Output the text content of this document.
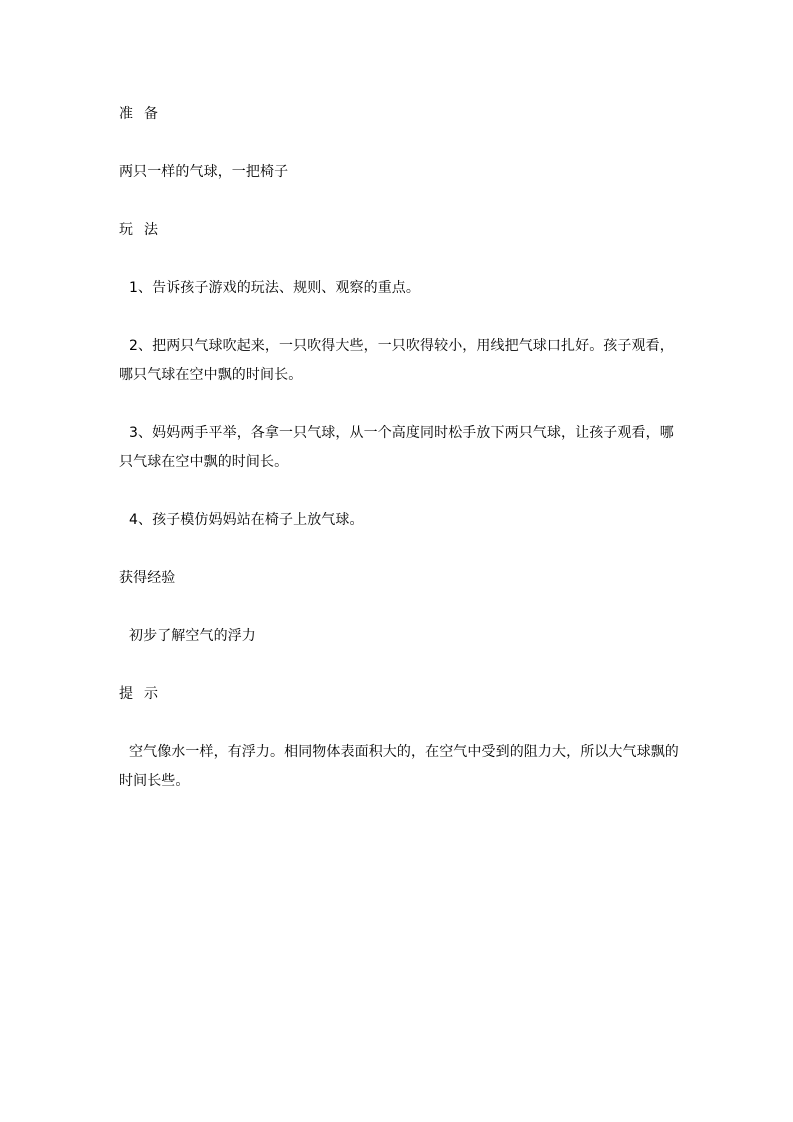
准备

两只一样的气球，一把椅子

玩法

1、告诉孩子游戏的玩法、规则、观察的重点。

2、把两只气球吹起来，一只吹得大些，一只吹得较小，用线把气球口扎好。孩子观看，哪只气球在空中飘的时间长。

3、妈妈两手平举，各拿一只气球，从一个高度同时松手放下两只气球，让孩子观看，哪只气球在空中飘的时间长。

4、孩子模仿妈妈站在椅子上放气球。

获得经验

初步了解空气的浮力

提示

空气像水一样，有浮力。相同物体表面积大的，在空气中受到的阻力大，所以大气球飘的时间长些。
